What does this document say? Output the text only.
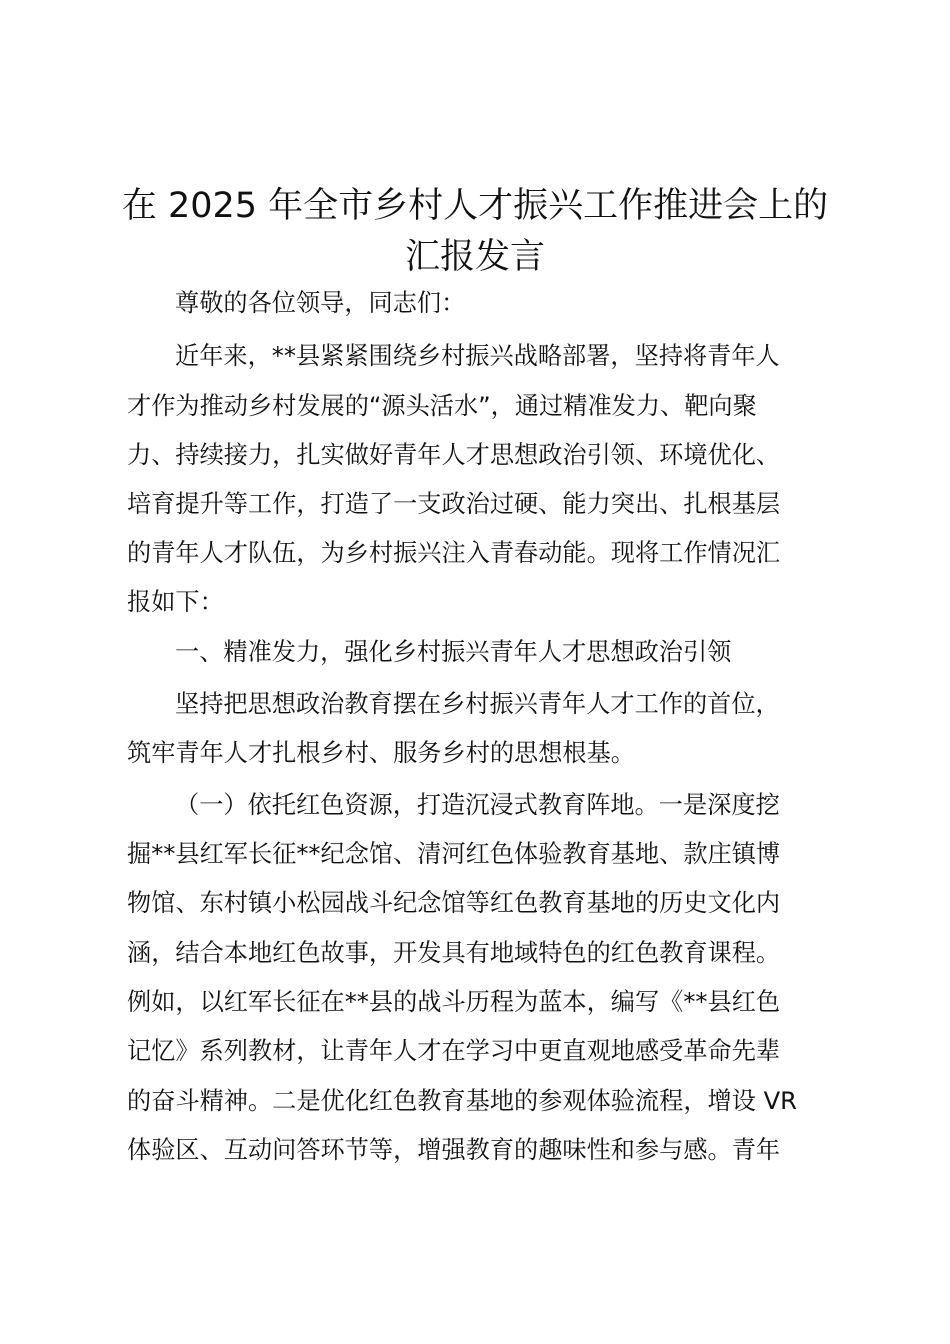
在 2025 年全市乡村人才振兴工作推进会上的
汇报发言
尊敬的各位领导，同志们：
近年来，**县紧紧围绕乡村振兴战略部署，坚持将青年人
才作为推动乡村发展的“源头活水”，通过精准发力、靶向聚
力、持续接力，扎实做好青年人才思想政治引领、环境优化、
培育提升等工作，打造了一支政治过硬、能力突出、扎根基层
的青年人才队伍，为乡村振兴注入青春动能。现将工作情况汇
报如下：
一、精准发力，强化乡村振兴青年人才思想政治引领
坚持把思想政治教育摆在乡村振兴青年人才工作的首位，
筑牢青年人才扎根乡村、服务乡村的思想根基。
（一）依托红色资源，打造沉浸式教育阵地。一是深度挖
掘**县红军长征**纪念馆、清河红色体验教育基地、款庄镇博
物馆、东村镇小松园战斗纪念馆等红色教育基地的历史文化内
涵，结合本地红色故事，开发具有地域特色的红色教育课程。
例如，以红军长征在**县的战斗历程为蓝本，编写《**县红色
记忆》系列教材，让青年人才在学习中更直观地感受革命先辈
的奋斗精神。二是优化红色教育基地的参观体验流程，增设 VR
体验区、互动问答环节等，增强教育的趣味性和参与感。青年
